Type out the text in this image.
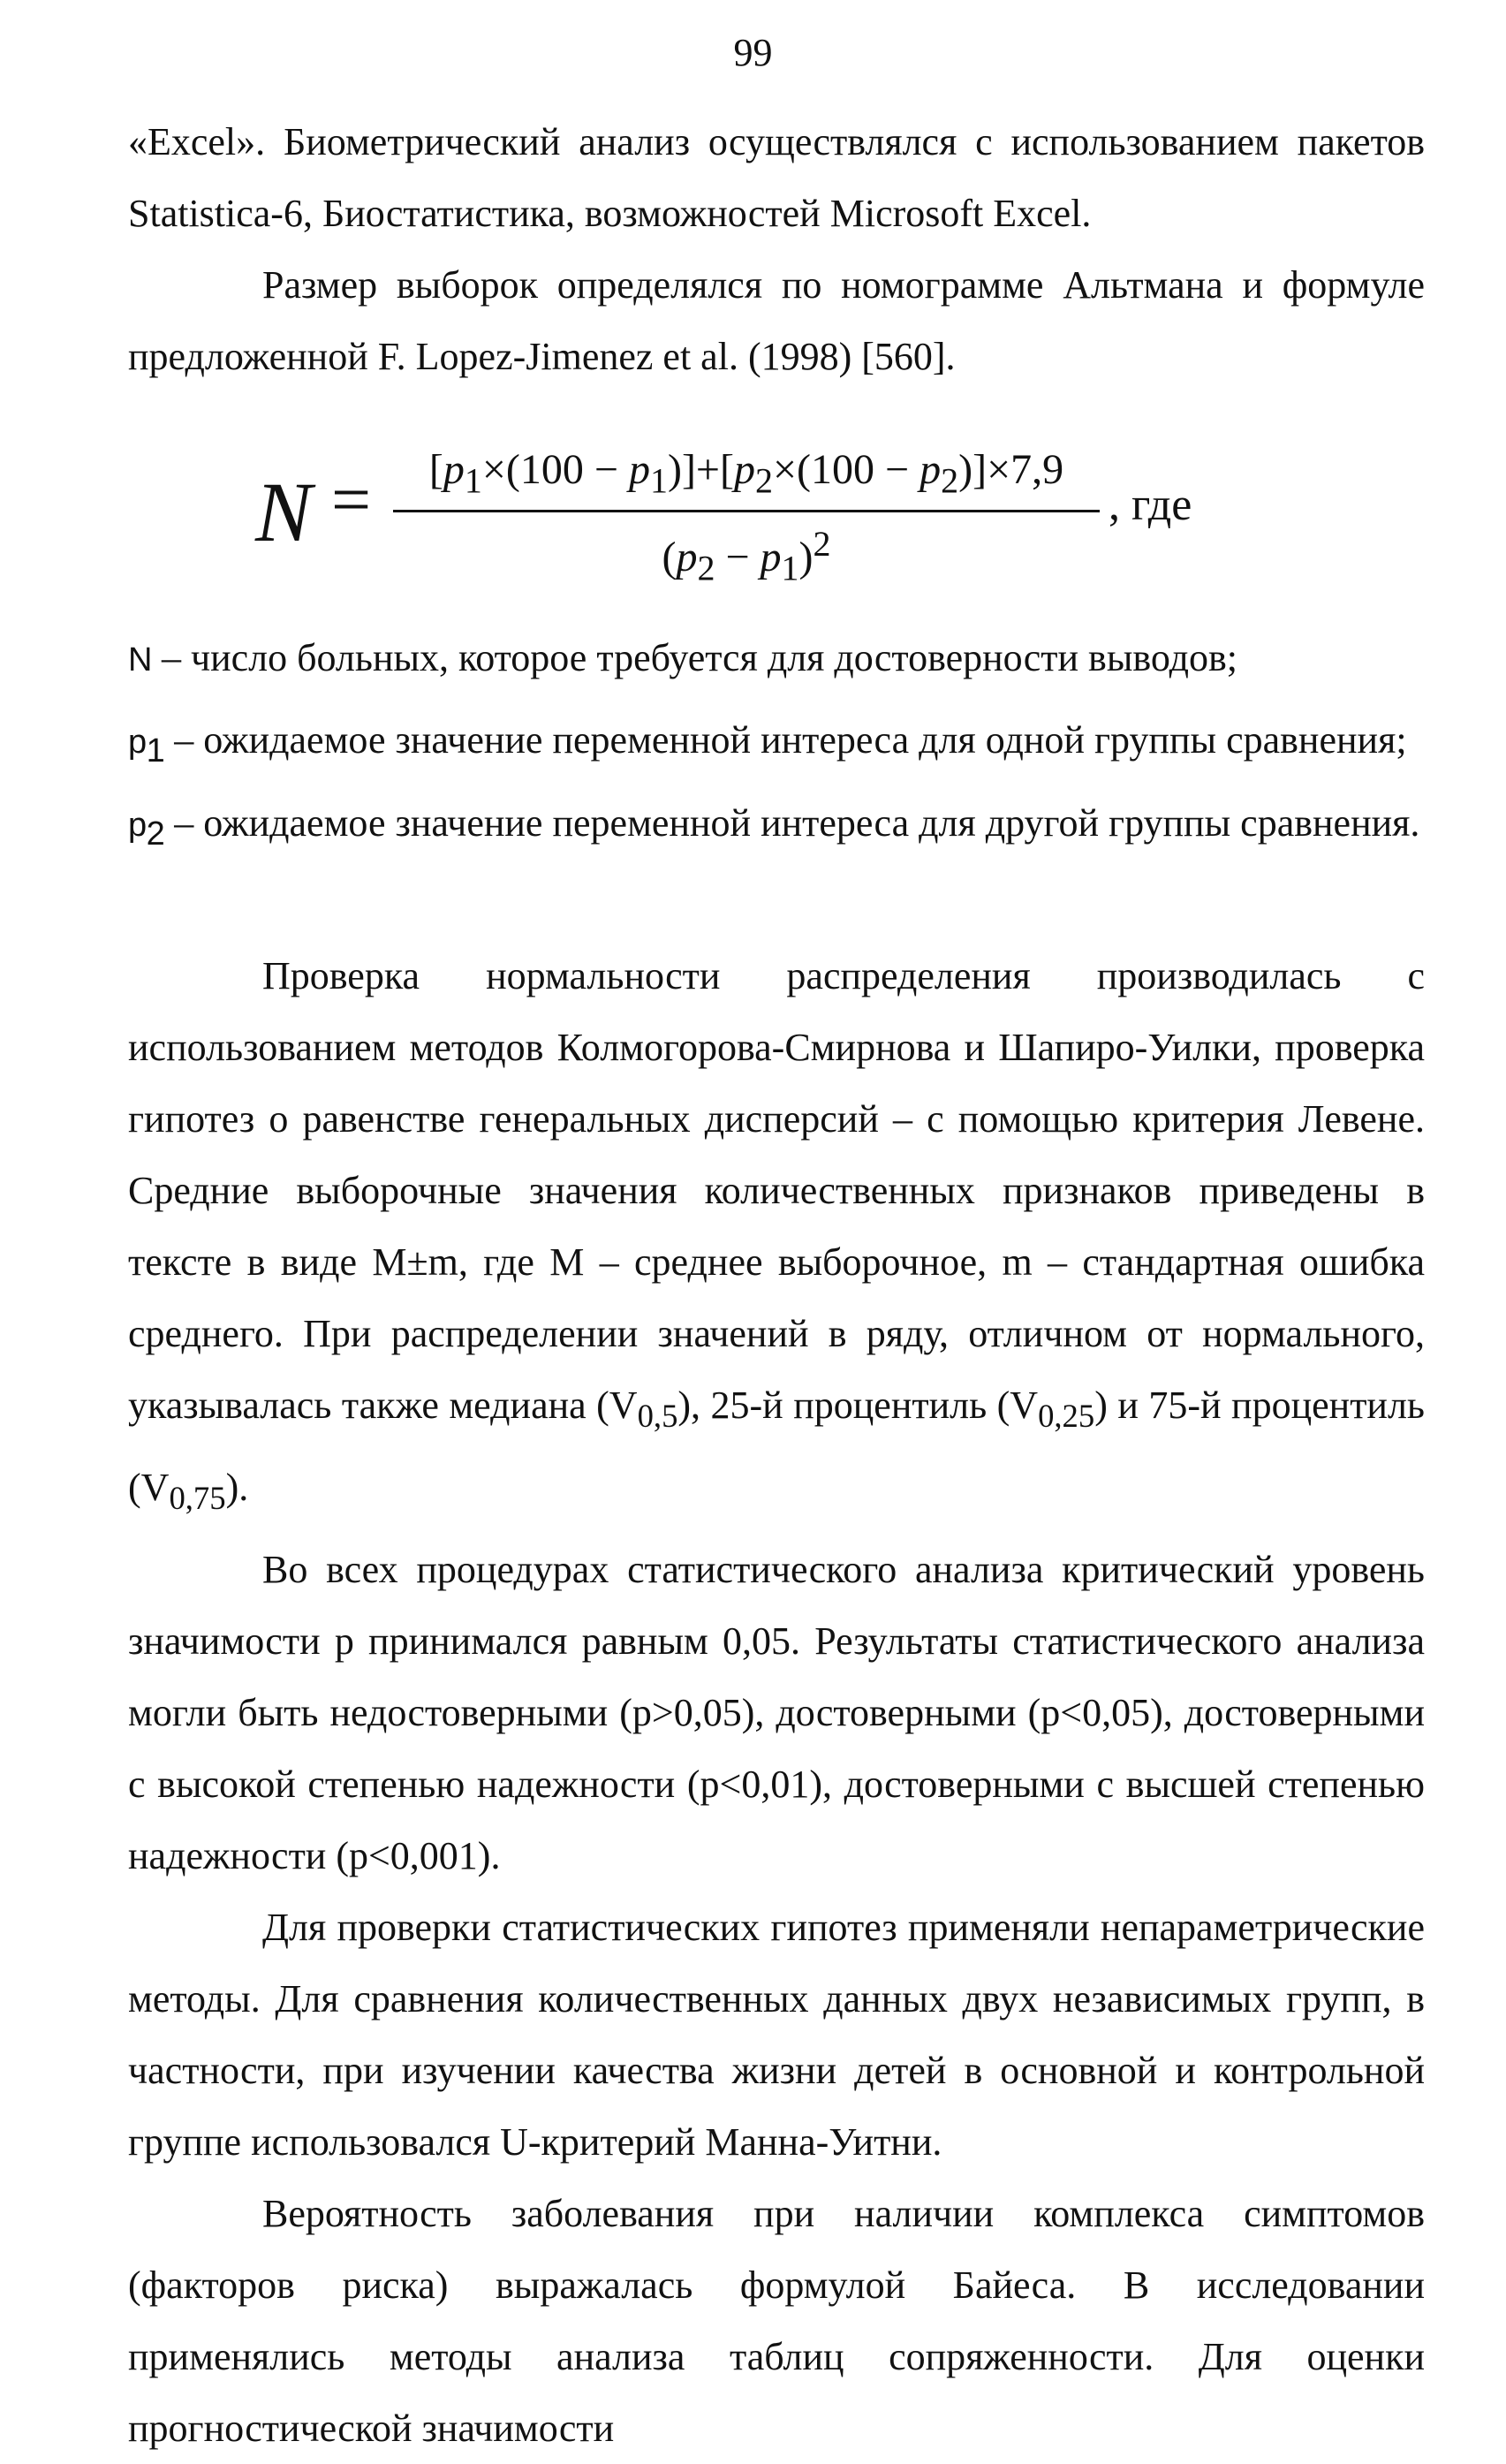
99

«Excel». Биометрический анализ осуществлялся с использованием пакетов Statistica-6, Биостатистика, возможностей Microsoft Excel.

Размер выборок определялся по номограмме Альтмана и формуле предложенной F. Lopez-Jimenez et al. (1998) [560].

N =	$[p_1\times(100 - p_1)]+[p_2\times(100 - p_2)]\times 7,9$
$(p_2 - p_1)^2$
, где

N – число больных, которое требуется для достоверности выводов;

$p_1$ – ожидаемое значение переменной интереса для одной группы сравнения;

$p_2$ – ожидаемое значение переменной интереса для другой группы сравнения.

Проверка нормальности распределения производилась с использованием методов Колмогорова-Смирнова и Шапиро-Уилки, проверка гипотез о равенстве генеральных дисперсий – с помощью критерия Левене. Средние выборочные значения количественных признаков приведены в тексте в виде M±m, где М – среднее выборочное, m – стандартная ошибка среднего. При распределении значений в ряду, отличном от нормального, указывалась также медиана $(V_{0,5})$, 25-й процентиль $(V_{0,25})$ и 75-й процентиль $(V_{0,75})$.

Во всех процедурах статистического анализа критический уровень значимости p принимался равным 0,05. Результаты статистического анализа могли быть недостоверными (p>0,05), достоверными (p<0,05), достоверными с высокой степенью надежности (p<0,01), достоверными с высшей степенью надежности (p<0,001).

Для проверки статистических гипотез применяли непараметрические методы. Для сравнения количественных данных двух независимых групп, в частности, при изучении качества жизни детей в основной и контрольной группе использовался U-критерий Манна-Уитни.

Вероятность заболевания при наличии комплекса симптомов (факторов риска) выражалась формулой Байеса. В исследовании применялись методы анализа таблиц сопряженности. Для оценки прогностической значимости
